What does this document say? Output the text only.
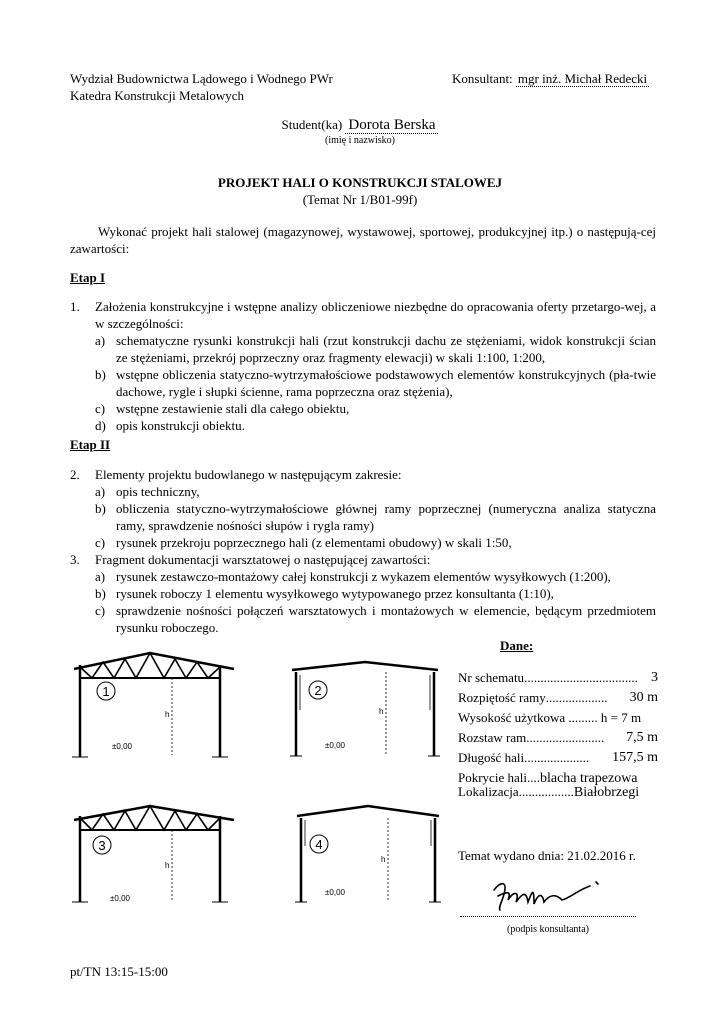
Wydział Budownictwa Lądowego i Wodnego PWr
Katedra Konstrukcji Metalowych
Konsultant: mgr inż. Michał Redecki
Student(ka) Dorota Berska
(imię i nazwisko)
PROJEKT HALI O KONSTRUKCJI STALOWEJ
(Temat Nr 1/B01-99f)

Wykonać projekt hali stalowej (magazynowej, wystawowej, sportowej, produkcyjnej itp.) o następują-cej zawartości:

Etap I
1. Założenia konstrukcyjne i wstępne analizy obliczeniowe niezbędne do opracowania oferty przetargo-wej, a w szczególności:

a) schematyczne rysunki konstrukcji hali (rzut konstrukcji dachu ze stężeniami, widok konstrukcji ścian ze stężeniami, przekrój poprzeczny oraz fragmenty elewacji) w skali 1:100, 1:200,

b) wstępne obliczenia statyczno-wytrzymałościowe podstawowych elementów konstrukcyjnych (pła-twie dachowe, rygle i słupki ścienne, rama poprzeczna oraz stężenia),

c) wstępne zestawienie stali dla całego obiektu,

d) opis konstrukcji obiektu.

Etap II
2. Elementy projektu budowlanego w następującym zakresie:

a) opis techniczny,

b) obliczenia statyczno-wytrzymałościowe głównej ramy poprzecznej (numeryczna analiza statyczna ramy, sprawdzenie nośności słupów i rygla ramy)

c) rysunek przekroju poprzecznego hali (z elementami obudowy) w skali 1:50,

3. Fragment dokumentacji warsztatowej o następującej zawartości:

a) rysunek zestawczo-montażowy całej konstrukcji z wykazem elementów wysyłkowych (1:200),

b) rysunek roboczy 1 elementu wysyłkowego wytypowanego przez konsultanta (1:10),

c) sprawdzenie nośności połączeń warsztatowych i montażowych w elemencie, będącym przedmiotem rysunku roboczego.

1
h
±0,00
2
h
±0,00
3
h
±0,00
4
h
±0,00
Dane:
Nr schematu ................................... 3
Rozpiętość ramy ...................	30 m
Wysokość użytkowa ......... h = 7 m
Rozstaw ram ........................	7,5 m
Długość hali ....................	157,5 m
Pokrycie hali....blacha trapezowa
Lokalizacja.................Białobrzegi
Temat wydano dnia: 21.02.2016 r.
(podpis konsultanta)
pt/TN 13:15-15:00
